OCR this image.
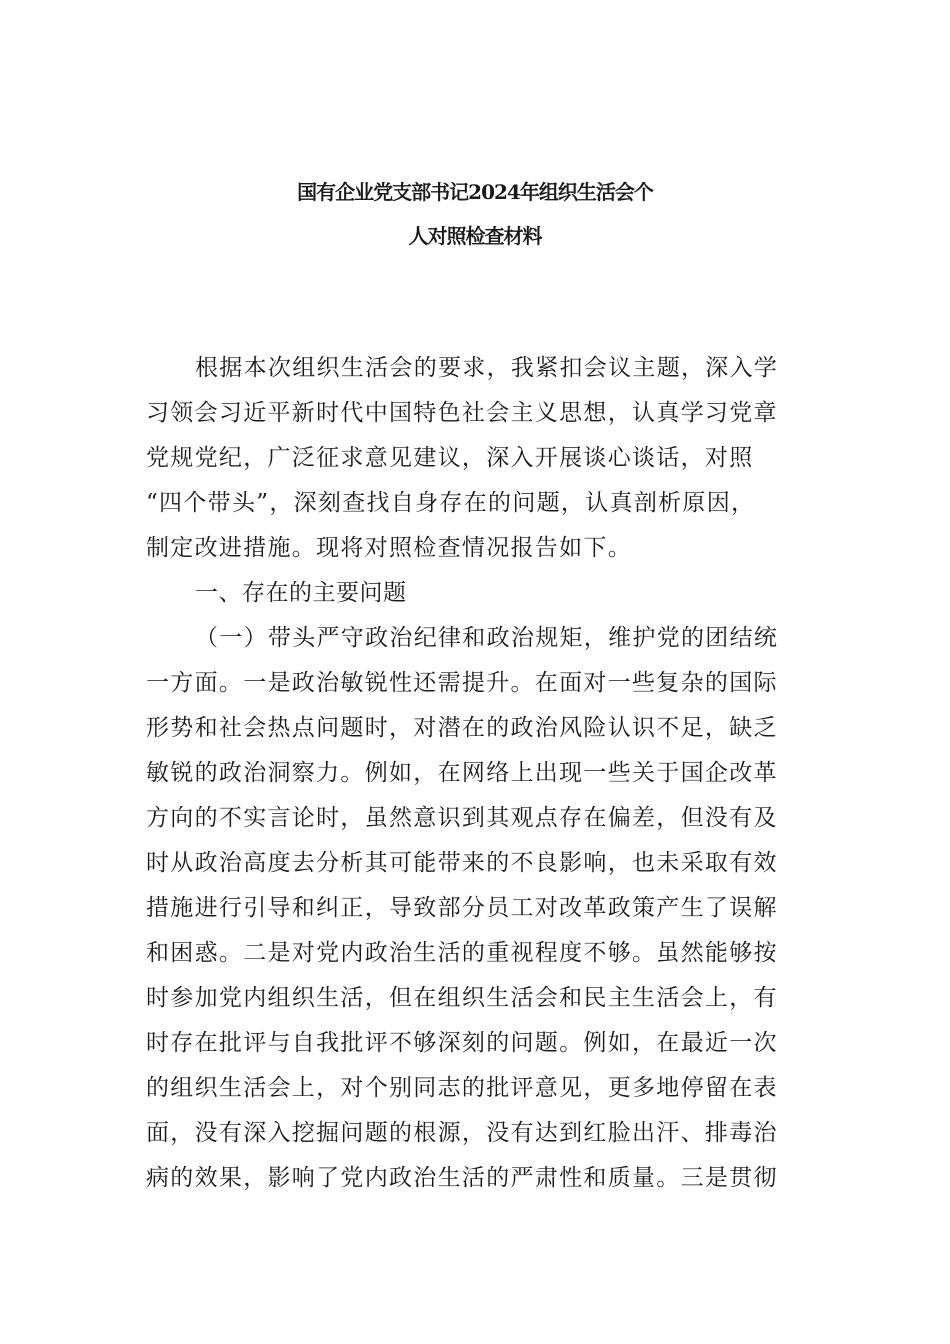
国有企业党支部书记2024年组织生活会个
人对照检查材料
根据本次组织生活会的要求，我紧扣会议主题，深入学
习领会习近平新时代中国特色社会主义思想，认真学习党章
党规党纪，广泛征求意见建议，深入开展谈心谈话，对照
“四个带头”，深刻查找自身存在的问题，认真剖析原因，
制定改进措施。现将对照检查情况报告如下。
一、存在的主要问题
（一）带头严守政治纪律和政治规矩，维护党的团结统
一方面。一是政治敏锐性还需提升。在面对一些复杂的国际
形势和社会热点问题时，对潜在的政治风险认识不足，缺乏
敏锐的政治洞察力。例如，在网络上出现一些关于国企改革
方向的不实言论时，虽然意识到其观点存在偏差，但没有及
时从政治高度去分析其可能带来的不良影响，也未采取有效
措施进行引导和纠正，导致部分员工对改革政策产生了误解
和困惑。二是对党内政治生活的重视程度不够。虽然能够按
时参加党内组织生活，但在组织生活会和民主生活会上，有
时存在批评与自我批评不够深刻的问题。例如，在最近一次
的组织生活会上，对个别同志的批评意见，更多地停留在表
面，没有深入挖掘问题的根源，没有达到红脸出汗、排毒治
病的效果，影响了党内政治生活的严肃性和质量。三是贯彻
